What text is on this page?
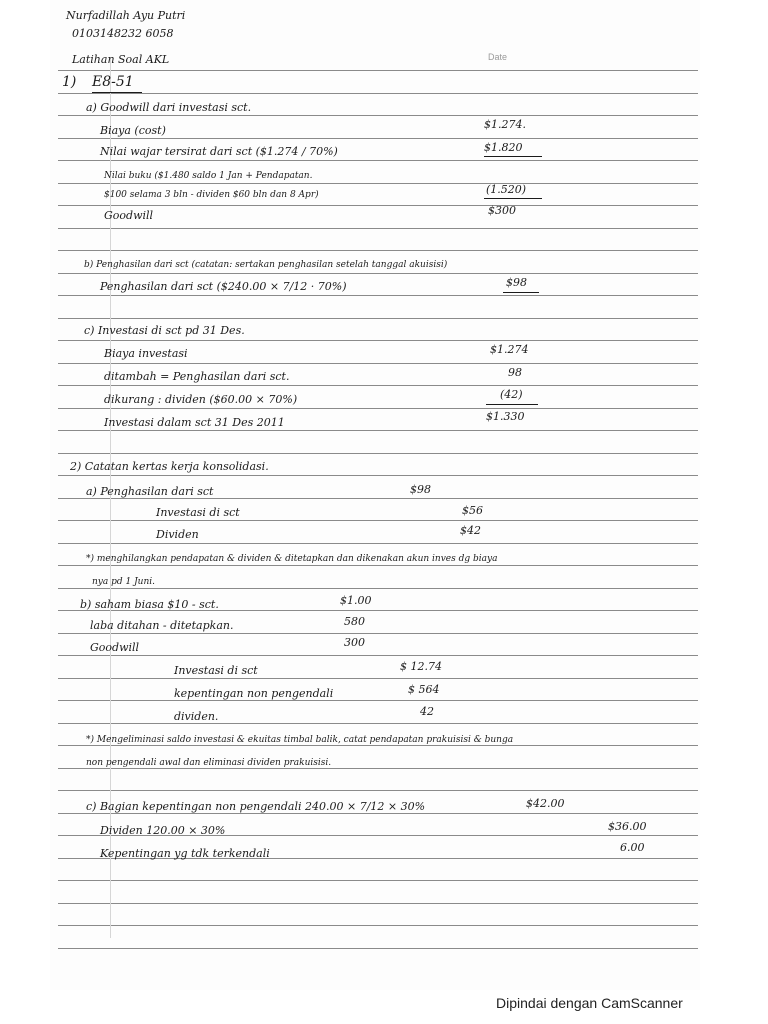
Nurfadillah Ayu Putri
0103148232 6058
Latihan Soal AKL	Date
1) E8-51
a) Goodwill dari investasi sct.
Biaya (cost)	$1.274.
Nilai wajar tersirat dari sct ($1.274 / 70%)	$1.820
Nilai buku ($1.480 saldo 1 Jan + Pendapatan.
$100 selama 3 bln - dividen $60 bln dan 8 Apr)	(1.520)
Goodwill	$300
b) Penghasilan dari sct (catatan: sertakan penghasilan setelah tanggal akuisisi)
Penghasilan dari sct ($240.00 × 7/12 · 70%)	$98
c) Investasi di sct pd 31 Des.
Biaya investasi	$1.274
ditambah = Penghasilan dari sct.	98
dikurang : dividen ($60.00 × 70%)	(42)
Investasi dalam sct 31 Des 2011	$1.330
2) Catatan kertas kerja konsolidasi.
a) Penghasilan dari sct	$98
Investasi di sct	$56
Dividen	$42
*) menghilangkan pendapatan & dividen & ditetapkan dan dikenakan akun inves dg biaya
nya pd 1 Juni.
b) saham biasa $10 - sct.	$1.00
laba ditahan - ditetapkan.	580
Goodwill	300
Investasi di sct	$ 12.74
kepentingan non pengendali	$ 564
dividen.	42
*) Mengeliminasi saldo investasi & ekuitas timbal balik, catat pendapatan prakuisisi & bunga
non pengendali awal dan eliminasi dividen prakuisisi.
c) Bagian kepentingan non pengendali 240.00 × 7/12 × 30%	$42.00
Dividen 120.00 × 30%	$36.00
Kepentingan yg tdk terkendali	6.00
Dipindai dengan CamScanner
